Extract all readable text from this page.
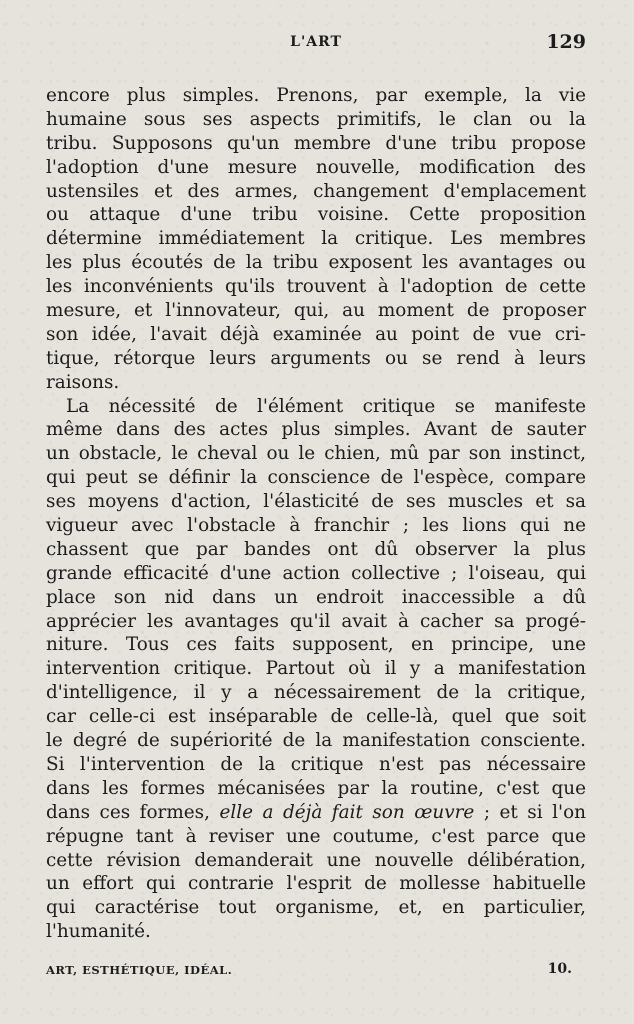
L'ART	129
encore plus simples. Prenons, par exemple, la vie
humaine sous ses aspects primitifs, le clan ou la
tribu. Supposons qu'un membre d'une tribu propose
l'adoption d'une mesure nouvelle, modification des
ustensiles et des armes, changement d'emplacement
ou attaque d'une tribu voisine. Cette proposition
détermine immédiatement la critique. Les membres
les plus écoutés de la tribu exposent les avantages ou
les inconvénients qu'ils trouvent à l'adoption de cette
mesure, et l'innovateur, qui, au moment de proposer
son idée, l'avait déjà examinée au point de vue cri-
tique, rétorque leurs arguments ou se rend à leurs
raisons.
La nécessité de l'élément critique se manifeste
même dans des actes plus simples. Avant de sauter
un obstacle, le cheval ou le chien, mû par son instinct,
qui peut se définir la conscience de l'espèce, compare
ses moyens d'action, l'élasticité de ses muscles et sa
vigueur avec l'obstacle à franchir ; les lions qui ne
chassent que par bandes ont dû observer la plus
grande efficacité d'une action collective ; l'oiseau, qui
place son nid dans un endroit inaccessible a dû
apprécier les avantages qu'il avait à cacher sa progé-
niture. Tous ces faits supposent, en principe, une
intervention critique. Partout où il y a manifestation
d'intelligence, il y a nécessairement de la critique,
car celle-ci est inséparable de celle-là, quel que soit
le degré de supériorité de la manifestation consciente.
Si l'intervention de la critique n'est pas nécessaire
dans les formes mécanisées par la routine, c'est que
dans ces formes, elle a déjà fait son œuvre ; et si l'on
répugne tant à reviser une coutume, c'est parce que
cette révision demanderait une nouvelle délibération,
un effort qui contrarie l'esprit de mollesse habituelle
qui caractérise tout organisme, et, en particulier,
l'humanité.
ART, ESTHÉTIQUE, IDÉAL.	10.
